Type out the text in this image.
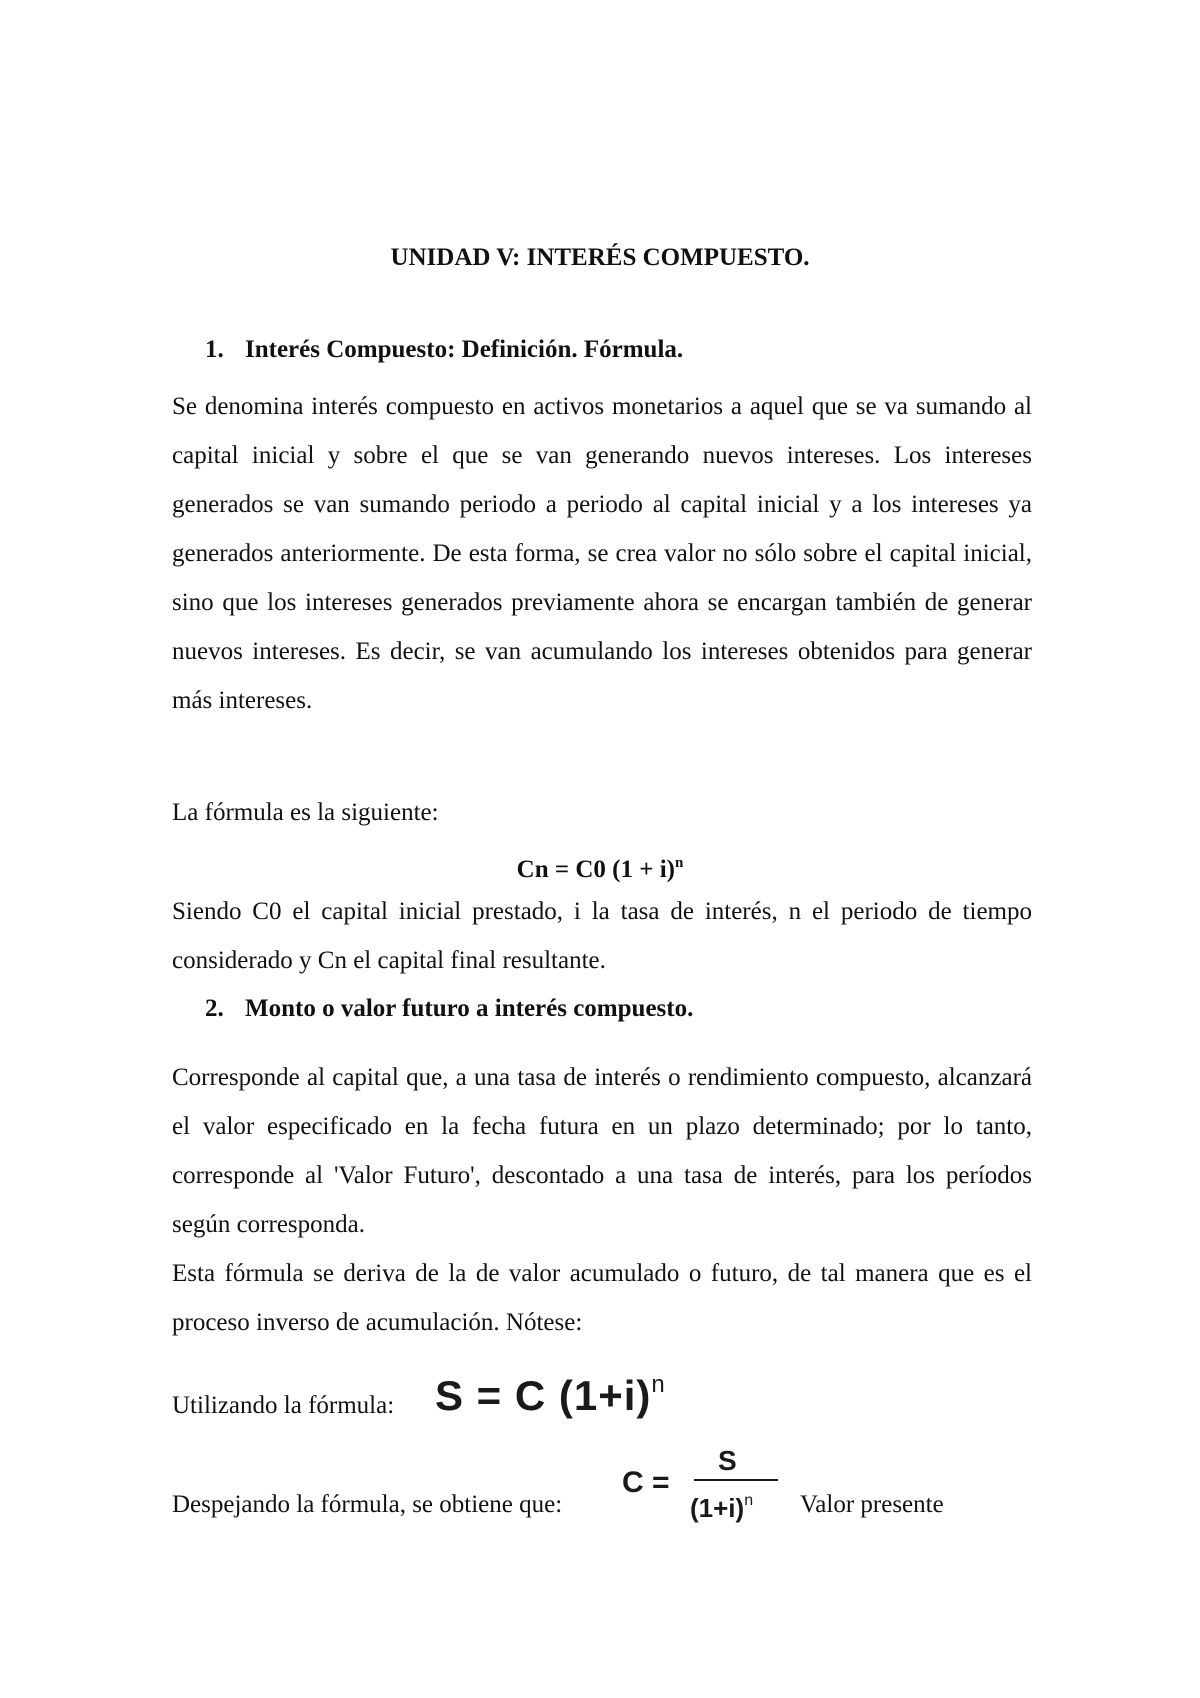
UNIDAD V: INTERÉS COMPUESTO.
1. Interés Compuesto: Definición. Fórmula.

Se denomina interés compuesto en activos monetarios a aquel que se va sumando al capital inicial y sobre el que se van generando nuevos intereses. Los intereses generados se van sumando periodo a periodo al capital inicial y a los intereses ya generados anteriormente. De esta forma, se crea valor no sólo sobre el capital inicial, sino que los intereses generados previamente ahora se encargan también de generar nuevos intereses. Es decir, se van acumulando los intereses obtenidos para generar más intereses.

La fórmula es la siguiente:
Cn = C0 $(1 + i)^n$

Siendo C0 el capital inicial prestado, i la tasa de interés, n el periodo de tiempo considerado y Cn el capital final resultante.

2. Monto o valor futuro a interés compuesto.

Corresponde al capital que, a una tasa de interés o rendimiento compuesto, alcanzará el valor especificado en la fecha futura en un plazo determinado; por lo tanto, corresponde al 'Valor Futuro', descontado a una tasa de interés, para los períodos según corresponda.

Esta fórmula se deriva de la de valor acumulado o futuro, de tal manera que es el proceso inverso de acumulación. Nótese:

Utilizando la fórmula: S = C $(1+i)^n$
Despejando la fórmula, se obtiene que:
C =
S
$(1+i)^n$ Valor presente
